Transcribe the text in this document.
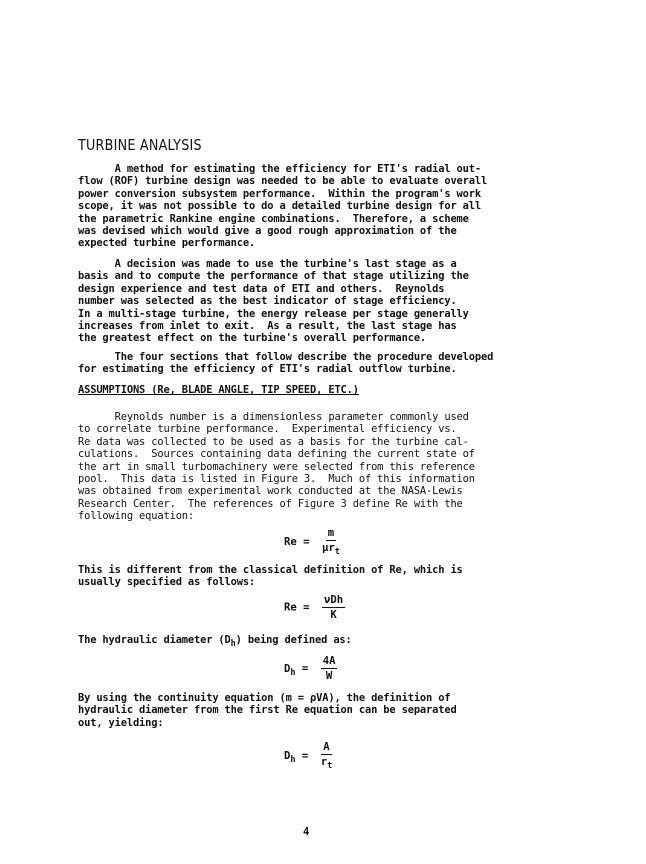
TURBINE ANALYSIS
A method for estimating the efficiency for ETI's radial out-
flow (ROF) turbine design was needed to be able to evaluate overall
power conversion subsystem performance.  Within the program's work
scope, it was not possible to do a detailed turbine design for all
the parametric Rankine engine combinations.  Therefore, a scheme
was devised which would give a good rough approximation of the
expected turbine performance.
A decision was made to use the turbine's last stage as a
basis and to compute the performance of that stage utilizing the
design experience and test data of ETI and others.  Reynolds
number was selected as the best indicator of stage efficiency.
In a multi-stage turbine, the energy release per stage generally
increases from inlet to exit.  As a result, the last stage has
the greatest effect on the turbine's overall performance.
The four sections that follow describe the procedure developed
for estimating the efficiency of ETI's radial outflow turbine.
ASSUMPTIONS (Re, BLADE ANGLE, TIP SPEED, ETC.)
Reynolds number is a dimensionless parameter commonly used
to correlate turbine performance.  Experimental efficiency vs.
Re data was collected to be used as a basis for the turbine cal-
culations.  Sources containing data defining the current state of
the art in small turbomachinery were selected from this reference
pool.  This data is listed in Figure 3.  Much of this information
was obtained from experimental work conducted at the NASA-Lewis
Research Center.  The references of Figure 3 define Re with the
following equation:
$Re = \frac{m}{\mu r_t}$
This is different from the classical definition of Re, which is
usually specified as follows:
$Re = \frac{\text{νDh}}{K}$
The hydraulic diameter $(D_h)$ being defined as:
$D_h = \frac{4A}{W}$
By using the continuity equation (m = ρVA), the definition of
hydraulic diameter from the first Re equation can be separated
out, yielding:
$D_h = \frac{A}{r_t}$
4
